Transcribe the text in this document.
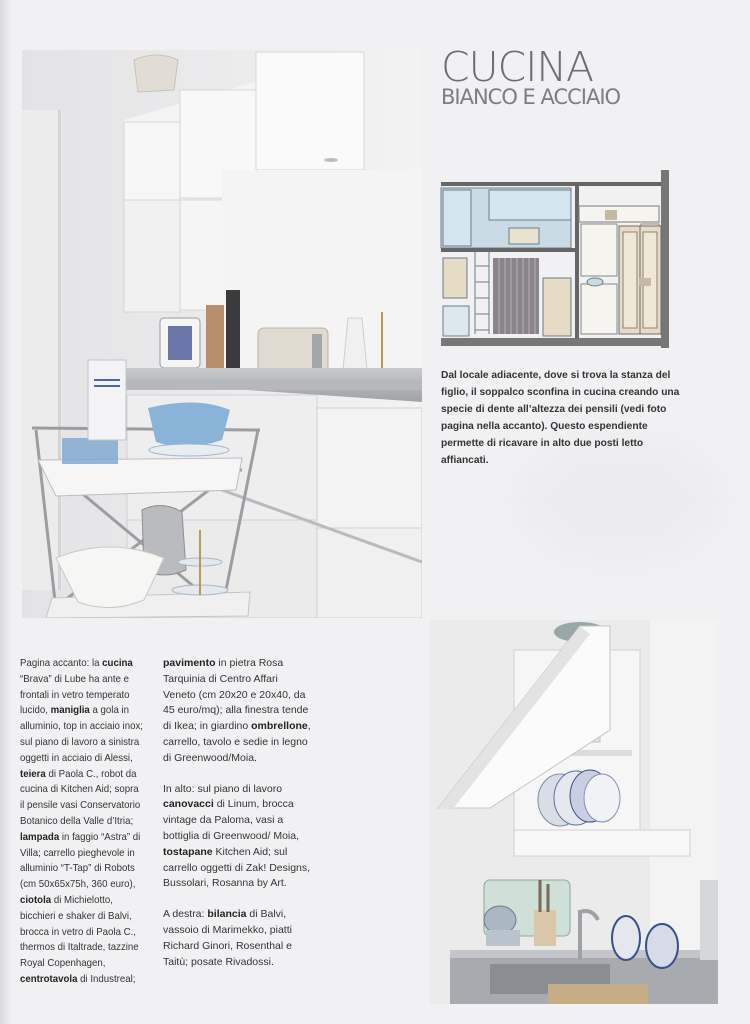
CUCINA
BIANCO E ACCIAIO
Dal locale adiacente, dove si trova la stanza del figlio, il soppalco sconfina in cucina creando una specie di dente all’altezza dei pensili (vedi foto pagina nella accanto). Questo espendiente permette di ricavare in alto due posti letto affiancati.

Pagina accanto: la cucina “Brava” di Lube ha ante e frontali in vetro temperato lucido, maniglia a gola in alluminio, top in acciaio inox; sul piano di lavoro a sinistra oggetti in acciaio di Alessi, teiera di Paola C., robot da cucina di Kitchen Aid; sopra il pensile vasi Conservatorio Botanico della Valle d’Itria; lampada in faggio “Astra” di Villa; carrello pieghevole in alluminio “T-Tap” di Robots (cm 50x65x75h, 360 euro), ciotola di Michielotto, bicchieri e shaker di Balvi, brocca in vetro di Paola C., thermos di Italtrade, tazzine Royal Copenhagen, centrotavola di Industreal;

pavimento in pietra Rosa Tarquinia di Centro Affari Veneto (cm 20x20 e 20x40, da 45 euro/mq); alla finestra tende di Ikea; in giardino ombrellone, carrello, tavolo e sedie in legno di Greenwood/Moia.

In alto: sul piano di lavoro canovacci di Linum, brocca vintage da Paloma, vasi a bottiglia di Greenwood/ Moia, tostapane Kitchen Aid; sul carrello oggetti di Zak! Designs, Bussolari, Rosanna by Art.

A destra: bilancia di Balvi, vassoio di Marimekko, piatti Richard Ginori, Rosenthal e Taitù; posate Rivadossi.
